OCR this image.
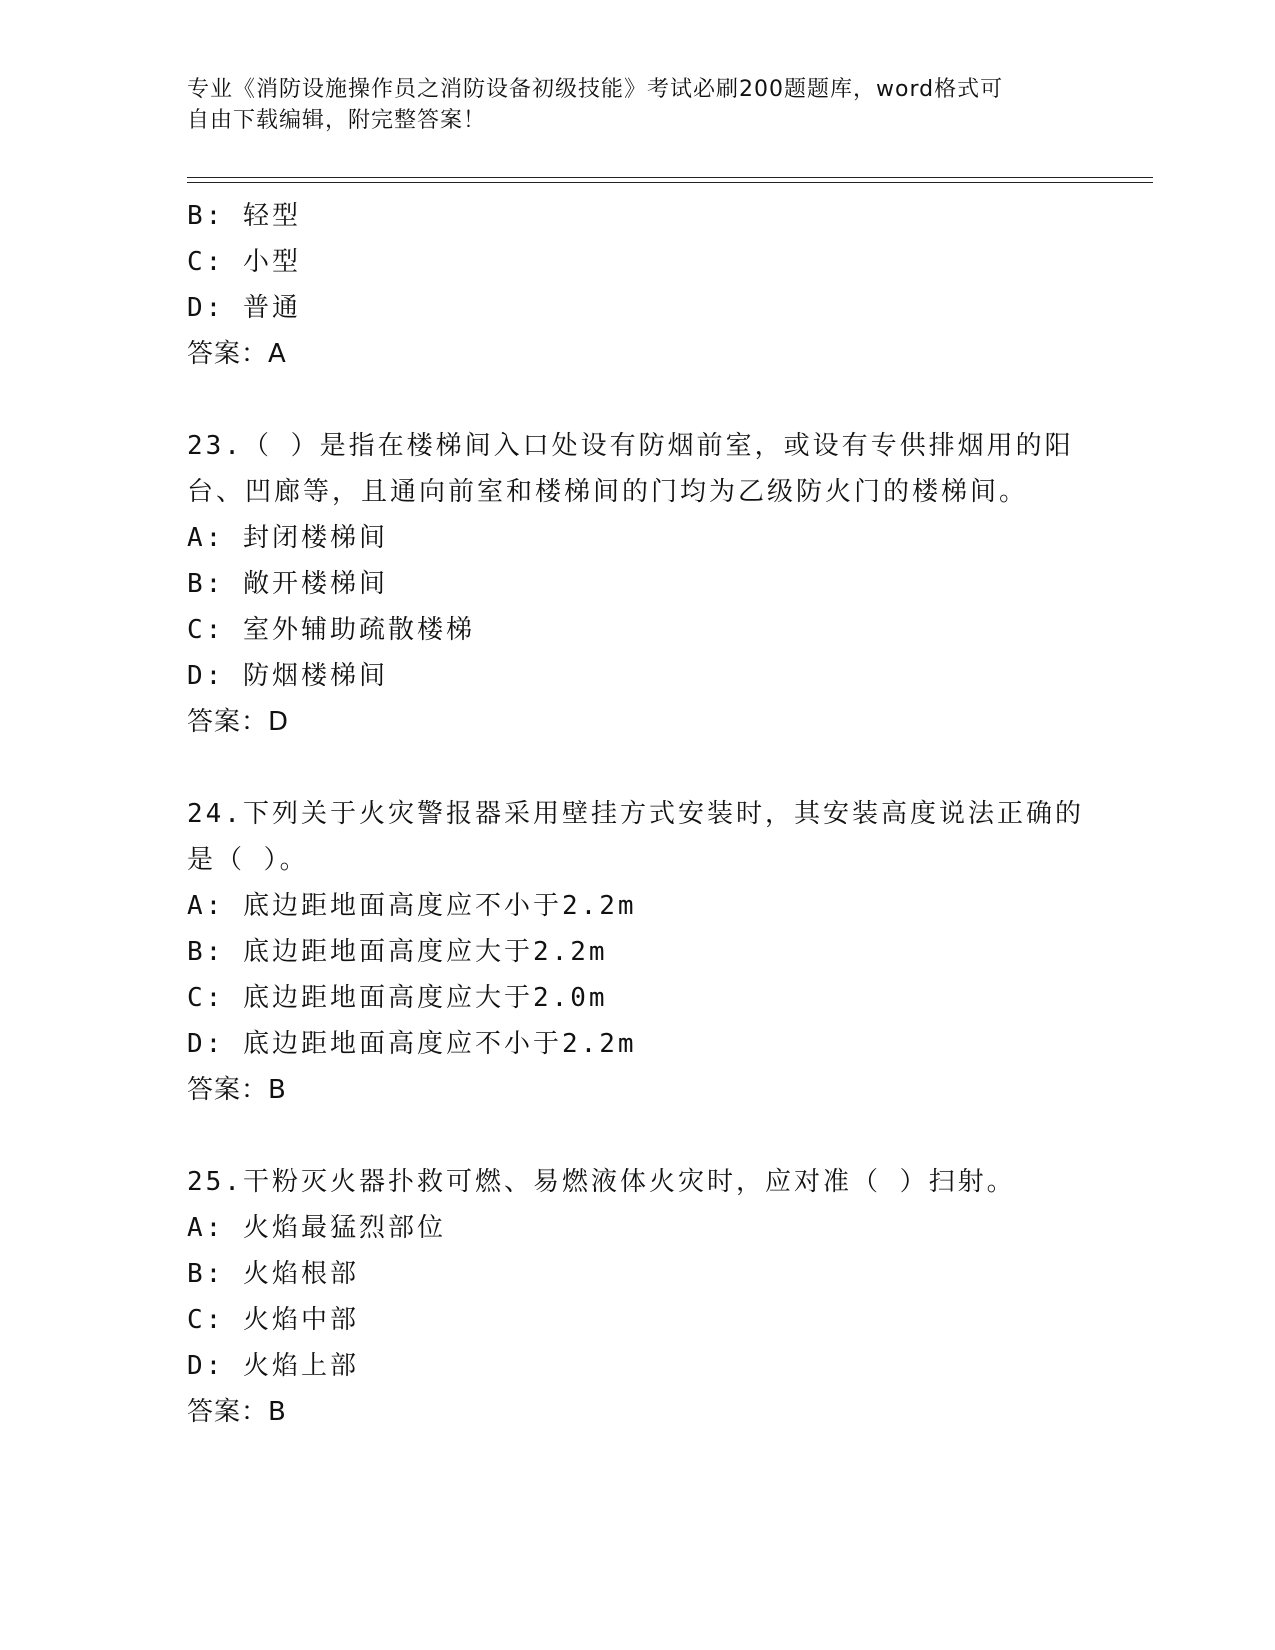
专业《消防设施操作员之消防设备初级技能》考试必刷200题题库，word格式可
自由下载编辑，附完整答案！
B: 轻型
C: 小型
D: 普通
答案：A
23.（ ）是指在楼梯间入口处设有防烟前室，或设有专供排烟用的阳
台、凹廊等，且通向前室和楼梯间的门均为乙级防火门的楼梯间。
A: 封闭楼梯间
B: 敞开楼梯间
C: 室外辅助疏散楼梯
D: 防烟楼梯间
答案：D
24.下列关于火灾警报器采用壁挂方式安装时，其安装高度说法正确的
是（ ）。
A: 底边距地面高度应不小于2.2m
B: 底边距地面高度应大于2.2m
C: 底边距地面高度应大于2.0m
D: 底边距地面高度应不小于2.2m
答案：B
25.干粉灭火器扑救可燃、易燃液体火灾时，应对准（ ）扫射。
A: 火焰最猛烈部位
B: 火焰根部
C: 火焰中部
D: 火焰上部
答案：B
